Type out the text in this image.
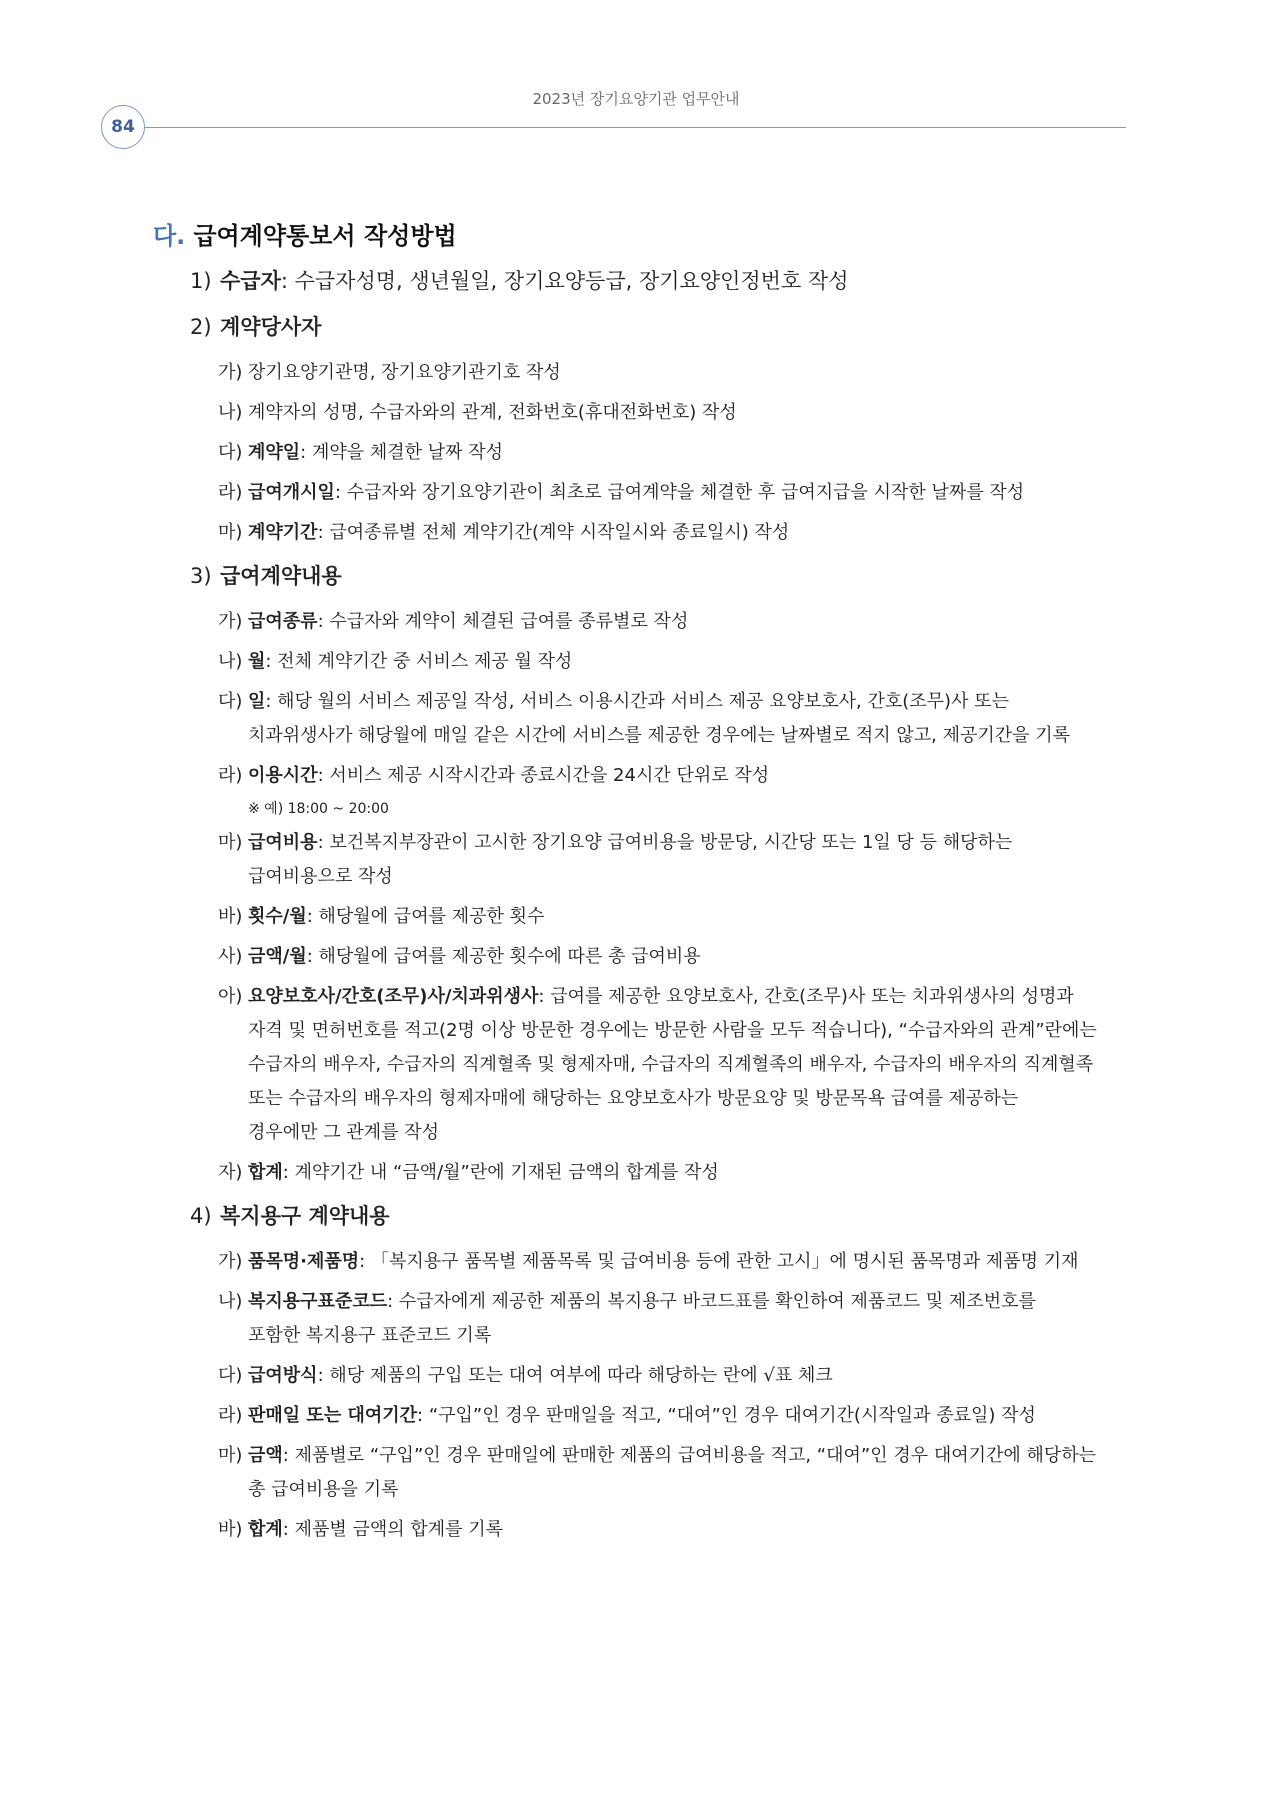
2023년 장기요양기관 업무안내
84
다. 급여계약통보서 작성방법
1) 수급자: 수급자성명, 생년월일, 장기요양등급, 장기요양인정번호 작성
2) 계약당사자
가) 장기요양기관명, 장기요양기관기호 작성
나) 계약자의 성명, 수급자와의 관계, 전화번호(휴대전화번호) 작성
다) 계약일: 계약을 체결한 날짜 작성
라) 급여개시일: 수급자와 장기요양기관이 최초로 급여계약을 체결한 후 급여지급을 시작한 날짜를 작성
마) 계약기간: 급여종류별 전체 계약기간(계약 시작일시와 종료일시) 작성
3) 급여계약내용
가) 급여종류: 수급자와 계약이 체결된 급여를 종류별로 작성
나) 월: 전체 계약기간 중 서비스 제공 월 작성
다) 일: 해당 월의 서비스 제공일 작성, 서비스 이용시간과 서비스 제공 요양보호사, 간호(조무)사 또는
치과위생사가 해당월에 매일 같은 시간에 서비스를 제공한 경우에는 날짜별로 적지 않고, 제공기간을 기록
라) 이용시간: 서비스 제공 시작시간과 종료시간을 24시간 단위로 작성
※ 예) 18:00 ~ 20:00
마) 급여비용: 보건복지부장관이 고시한 장기요양 급여비용을 방문당, 시간당 또는 1일 당 등 해당하는
급여비용으로 작성
바) 횟수/월: 해당월에 급여를 제공한 횟수
사) 금액/월: 해당월에 급여를 제공한 횟수에 따른 총 급여비용
아) 요양보호사/간호(조무)사/치과위생사: 급여를 제공한 요양보호사, 간호(조무)사 또는 치과위생사의 성명과
자격 및 면허번호를 적고(2명 이상 방문한 경우에는 방문한 사람을 모두 적습니다), “수급자와의 관계”란에는
수급자의 배우자, 수급자의 직계혈족 및 형제자매, 수급자의 직계혈족의 배우자, 수급자의 배우자의 직계혈족
또는 수급자의 배우자의 형제자매에 해당하는 요양보호사가 방문요양 및 방문목욕 급여를 제공하는
경우에만 그 관계를 작성
자) 합계: 계약기간 내 “금액/월”란에 기재된 금액의 합계를 작성
4) 복지용구 계약내용
가) 품목명·제품명: 「복지용구 품목별 제품목록 및 급여비용 등에 관한 고시」에 명시된 품목명과 제품명 기재
나) 복지용구표준코드: 수급자에게 제공한 제품의 복지용구 바코드표를 확인하여 제품코드 및 제조번호를
포함한 복지용구 표준코드 기록
다) 급여방식: 해당 제품의 구입 또는 대여 여부에 따라 해당하는 란에 √표 체크
라) 판매일 또는 대여기간: “구입”인 경우 판매일을 적고, “대여”인 경우 대여기간(시작일과 종료일) 작성
마) 금액: 제품별로 “구입”인 경우 판매일에 판매한 제품의 급여비용을 적고, “대여”인 경우 대여기간에 해당하는
총 급여비용을 기록
바) 합계: 제품별 금액의 합계를 기록
